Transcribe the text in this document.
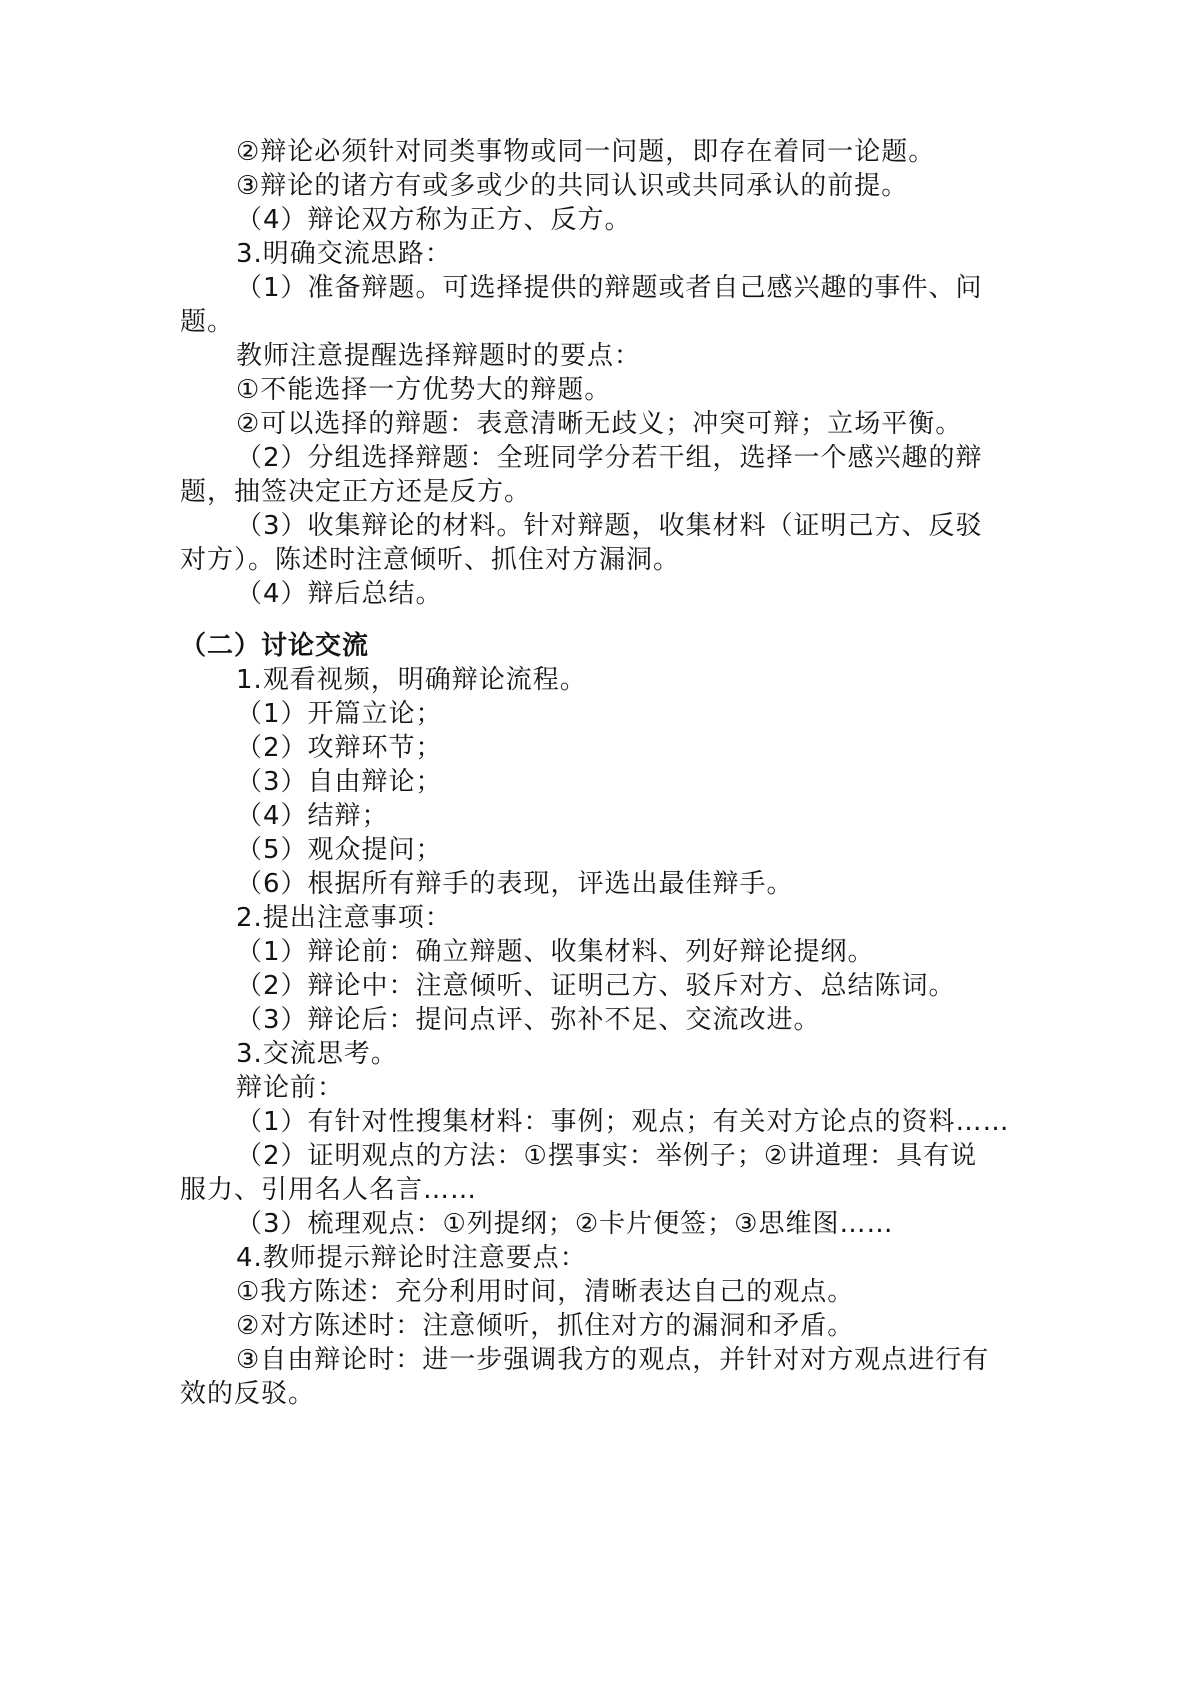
②辩论必须针对同类事物或同一问题，即存在着同一论题。
③辩论的诸方有或多或少的共同认识或共同承认的前提。
（4）辩论双方称为正方、反方。
3.明确交流思路：
（1）准备辩题。可选择提供的辩题或者自己感兴趣的事件、问
题。
教师注意提醒选择辩题时的要点：
①不能选择一方优势大的辩题。
②可以选择的辩题：表意清晰无歧义；冲突可辩；立场平衡。
（2）分组选择辩题：全班同学分若干组，选择一个感兴趣的辩
题，抽签决定正方还是反方。
（3）收集辩论的材料。针对辩题，收集材料（证明己方、反驳
对方）。陈述时注意倾听、抓住对方漏洞。
（4）辩后总结。
（二）讨论交流
1.观看视频，明确辩论流程。
（1）开篇立论；
（2）攻辩环节；
（3）自由辩论；
（4）结辩；
（5）观众提问；
（6）根据所有辩手的表现，评选出最佳辩手。
2.提出注意事项：
（1）辩论前：确立辩题、收集材料、列好辩论提纲。
（2）辩论中：注意倾听、证明己方、驳斥对方、总结陈词。
（3）辩论后：提问点评、弥补不足、交流改进。
3.交流思考。
辩论前：
（1）有针对性搜集材料：事例；观点；有关对方论点的资料……
（2）证明观点的方法：①摆事实：举例子；②讲道理：具有说
服力、引用名人名言……
（3）梳理观点：①列提纲；②卡片便签；③思维图……
4.教师提示辩论时注意要点：
①我方陈述：充分利用时间，清晰表达自己的观点。
②对方陈述时：注意倾听，抓住对方的漏洞和矛盾。
③自由辩论时：进一步强调我方的观点，并针对对方观点进行有
效的反驳。
